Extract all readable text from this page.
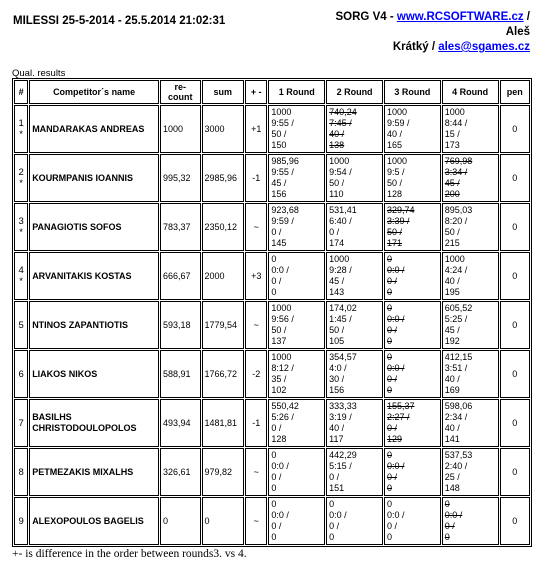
MILESSI 25-5-2014 - 25.5.2014 21:02:31	SORG V4 - www.RCSOFTWARE.cz / Aleš
Krátký / ales@sgames.cz
Qual. results
#	Competitor´s name	re-count	sum	+ -	1 Round	2 Round	3 Round	4 Round	pen

1
*	MANDARAKAS ANDREAS	1000	3000	+1	1000
9:55 /
50 /
150	740,24
7:45 /
40 /
138	1000
9:59 /
40 /
165	1000
8:44 /
15 /
173	0

2
*	KOURMPANIS IOANNIS	995,32	2985,96	-1	985,96
9:55 /
45 /
156	1000
9:54 /
50 /
110	1000
9:5 /
50 /
128	769,98
3:34 /
45 /
200	0

3
*	PANAGIOTIS SOFOS	783,37	2350,12	~	923,68
9:59 /
0 /
145	531,41
6:40 /
0 /
174	329,74
3:39 /
50 /
171	895,03
8:20 /
50 /
215	0

4
*	ARVANITAKIS KOSTAS	666,67	2000	+3	0
0:0 /
0 /
0	1000
9:28 /
45 /
143	0
0:0 /
0 /
0	1000
4:24 /
40 /
195	0

5	NTINOS ZAPANTIOTIS	593,18	1779,54	~	1000
9:56 /
50 /
137	174,02
1:45 /
50 /
105	0
0:0 /
0 /
0	605,52
5:25 /
45 /
192	0

6	LIAKOS NIKOS	588,91	1766,72	-2	1000
8:12 /
35 /
102	354,57
4:0 /
30 /
156	0
0:0 /
0 /
0	412,15
3:51 /
40 /
169	0

7	BASILHS CHRISTODOULOPOLOS	493,94	1481,81	-1	550,42
5:26 /
0 /
128	333,33
3:19 /
40 /
117	155,37
2:27 /
0 /
129	598,06
2:34 /
40 /
141	0

8	PETMEZAKIS MIXALHS	326,61	979,82	~	0
0:0 /
0 /
0	442,29
5:15 /
0 /
151	0
0:0 /
0 /
0	537,53
2:40 /
25 /
148	0

9	ALEXOPOULOS BAGELIS	0	0	~	0
0:0 /
0 /
0	0
0:0 /
0 /
0	0
0:0 /
0 /
0	0
0:0 /
0 /
0	0
+- is difference in the order between rounds3. vs 4.
